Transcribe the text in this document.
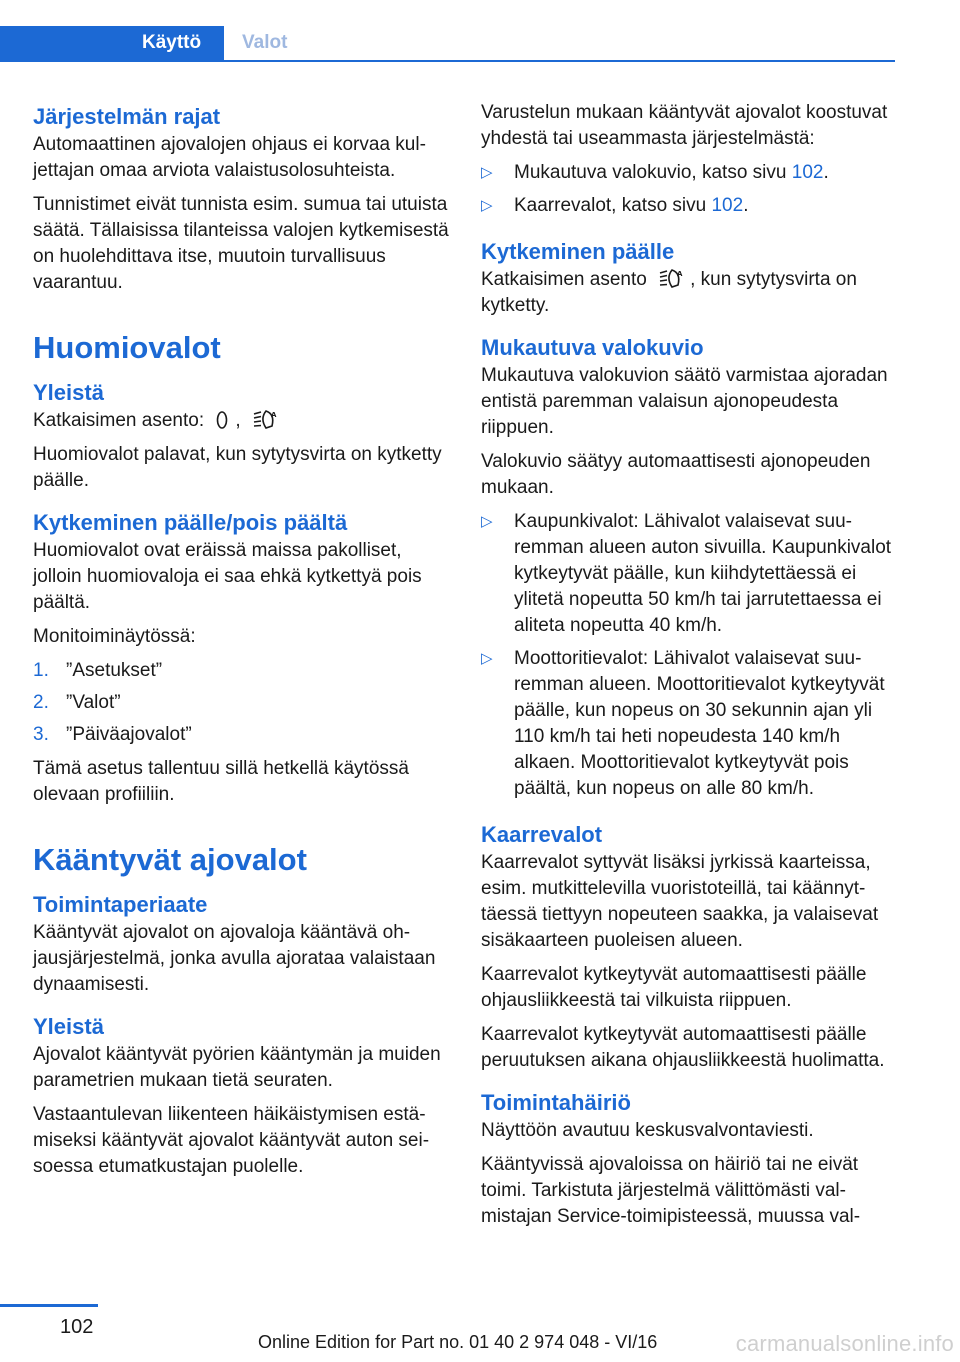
Käyttö	Valot
Järjestelmän rajat

Automaattinen ajovalojen ohjaus ei korvaa kuljettajan omaa arviota valaistusolosuhteista.

Tunnistimet eivät tunnista esim. sumua tai utuista säätä. Tällaisissa tilanteissa valojen kytkemisestä on huolehdittava itse, muutoin turvallisuus vaarantuu.

Huomiovalot
Yleistä

Katkaisimen asento: ,	A

Huomiovalot palavat, kun sytytysvirta on kytketty päälle.

Kytkeminen päälle/pois päältä

Huomiovalot ovat eräissä maissa pakolliset, jolloin huomiovaloja ei saa ehkä kytkettyä pois päältä.

Monitoiminäytössä:

1. ”Asetukset”
2. ”Valot”
3. ”Päiväajovalot”

Tämä asetus tallentuu sillä hetkellä käytössä olevaan profiiliin.

Kääntyvät ajovalot
Toimintaperiaate

Kääntyvät ajovalot on ajovaloja kääntävä ohjausjärjestelmä, jonka avulla ajorataa valaistaan dynaamisesti.

Yleistä

Ajovalot kääntyvät pyörien kääntymän ja muiden parametrien mukaan tietä seuraten.

Vastaantulevan liikenteen häikäistymisen estämiseksi kääntyvät ajovalot kääntyvät auton seisoessa etumatkustajan puolelle.

Varustelun mukaan kääntyvät ajovalot koostuvat yhdestä tai useammasta järjestelmästä:

▷ Mukautuva valokuvio, katso sivu 102.
▷ Kaarrevalot, katso sivu 102.
Kytkeminen päälle

Katkaisimen asento	A , kun sytytysvirta on kytketty.

Mukautuva valokuvio

Mukautuva valokuvion säätö varmistaa ajoradan entistä paremman valaisun ajonopeudesta riippuen.

Valokuvio säätyy automaattisesti ajonopeuden mukaan.

▷ Kaupunkivalot: Lähivalot valaisevat suuremman alueen auton sivuilla. Kaupunkivalot kytkeytyvät päälle, kun kiihdytettäessä ei ylitetä nopeutta 50 km/h tai jarrutettaessa ei aliteta nopeutta 40 km/h.
▷ Moottoritievalot: Lähivalot valaisevat suuremman alueen. Moottoritievalot kytkeytyvät päälle, kun nopeus on 30 sekunnin ajan yli 110 km/h tai heti nopeudesta 140 km/h alkaen. Moottoritievalot kytkeytyvät pois päältä, kun nopeus on alle 80 km/h.
Kaarrevalot

Kaarrevalot syttyvät lisäksi jyrkissä kaarteissa, esim. mutkittelevilla vuoristoteillä, tai käännyttäessä tiettyyn nopeuteen saakka, ja valaisevat sisäkaarteen puoleisen alueen.

Kaarrevalot kytkeytyvät automaattisesti päälle ohjausliikkeestä tai vilkuista riippuen.

Kaarrevalot kytkeytyvät automaattisesti päälle peruutuksen aikana ohjausliikkeestä huolimatta.

Toimintahäiriö

Näyttöön avautuu keskusvalvontaviesti.

Kääntyvissä ajovaloissa on häiriö tai ne eivät toimi. Tarkistuta järjestelmä välittömästi valmistajan Service-toimipisteessä, muussa val-

102
Online Edition for Part no. 01 40 2 974 048 - VI/16	carmanualsonline.info
